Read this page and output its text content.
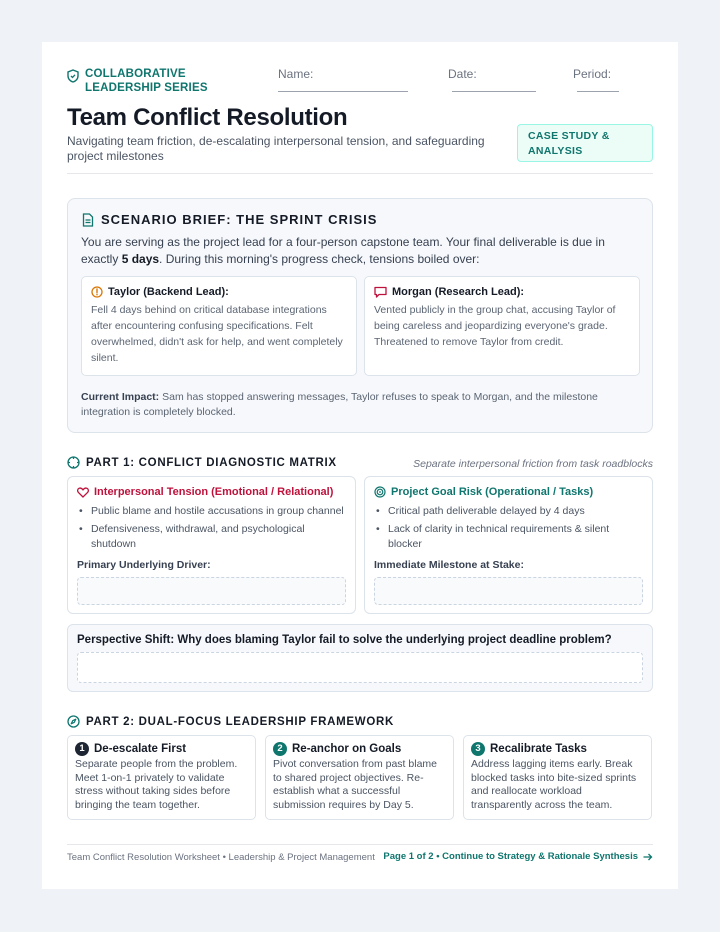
COLLABORATIVE LEADERSHIP SERIES
Name:	Date:	Period:
Team Conflict Resolution
Navigating team friction, de-escalating interpersonal tension, and safeguarding project milestones
CASE STUDY & ANALYSIS
SCENARIO BRIEF: THE SPRINT CRISIS
You are serving as the project lead for a four-person capstone team. Your final deliverable is due in exactly 5 days. During this morning's progress check, tensions boiled over:
Taylor (Backend Lead):
Fell 4 days behind on critical database integrations after encountering confusing specifications. Felt overwhelmed, didn't ask for help, and went completely silent.
Morgan (Research Lead):
Vented publicly in the group chat, accusing Taylor of being careless and jeopardizing everyone's grade. Threatened to remove Taylor from credit.
Current Impact: Sam has stopped answering messages, Taylor refuses to speak to Morgan, and the milestone integration is completely blocked.
PART 1: CONFLICT DIAGNOSTIC MATRIX	Separate interpersonal friction from task roadblocks
Interpersonal Tension (Emotional / Relational)
• Public blame and hostile accusations in group channel
• Defensiveness, withdrawal, and psychological shutdown
Primary Underlying Driver:
Project Goal Risk (Operational / Tasks)
• Critical path deliverable delayed by 4 days
• Lack of clarity in technical requirements & silent blocker
Immediate Milestone at Stake:
Perspective Shift: Why does blaming Taylor fail to solve the underlying project deadline problem?
PART 2: DUAL-FOCUS LEADERSHIP FRAMEWORK
1 De-escalate First
Separate people from the problem. Meet 1-on-1 privately to validate stress without taking sides before bringing the team together.
2 Re-anchor on Goals
Pivot conversation from past blame to shared project objectives. Re-establish what a successful submission requires by Day 5.
3 Recalibrate Tasks
Address lagging items early. Break blocked tasks into bite-sized sprints and reallocate workload transparently across the team.
Team Conflict Resolution Worksheet • Leadership & Project Management Page 1 of 2 • Continue to Strategy & Rationale Synthesis
